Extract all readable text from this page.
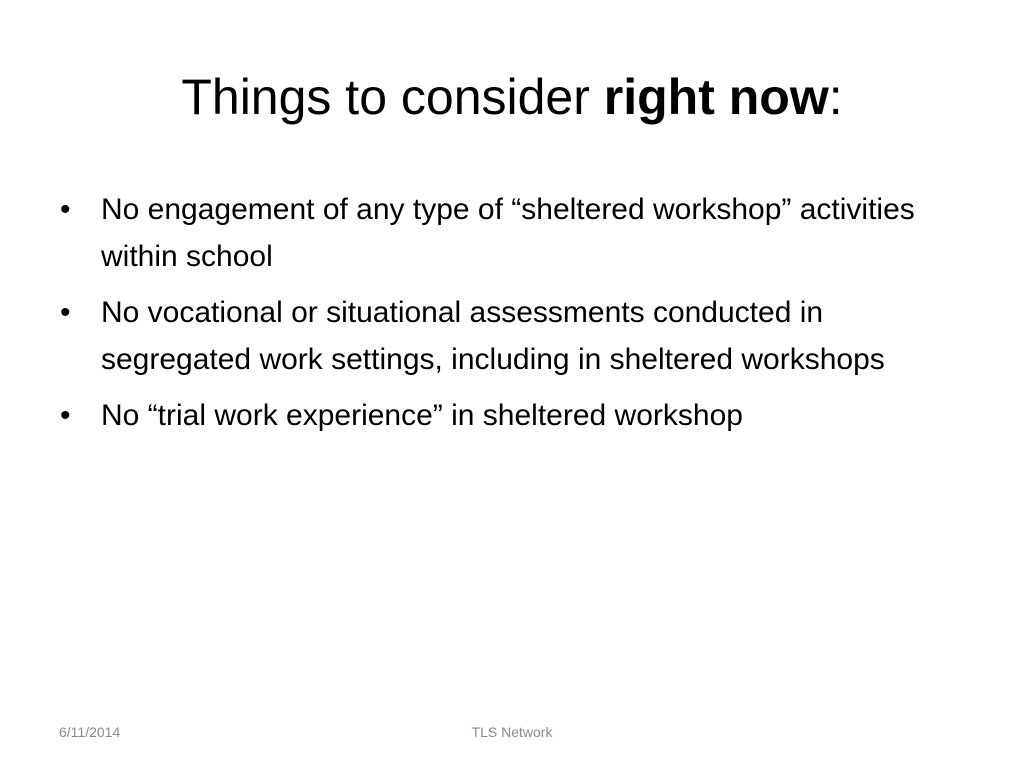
Things to consider right now:
•	No engagement of any type of “sheltered workshop” activities within school
•	No vocational or situational assessments conducted in segregated work settings, including in sheltered workshops
•	No “trial work experience” in sheltered workshop
6/11/2014	TLS Network
